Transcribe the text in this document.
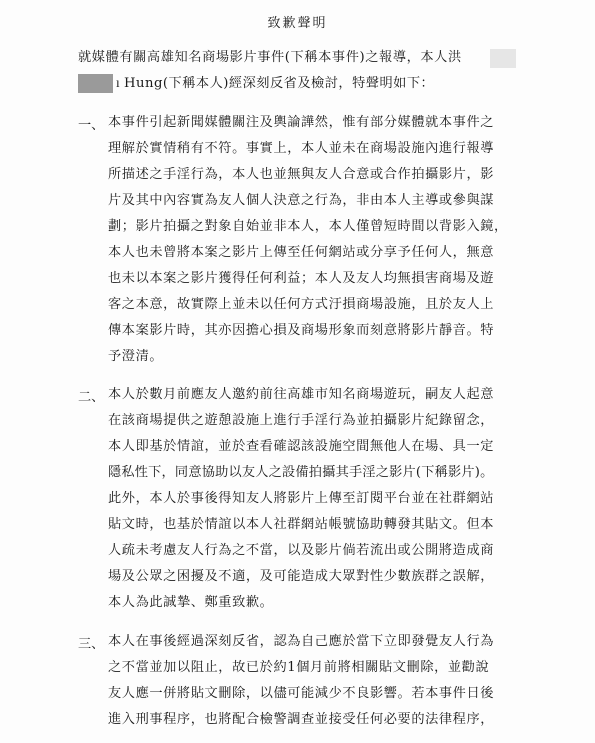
致歉聲明
就媒體有關高雄知名商場影片事件(下稱本事件)之報導，本人洪
ı Hung(下稱本人)經深刻反省及檢討，特聲明如下：
一、 本事件引起新聞媒體關注及輿論譁然，惟有部分媒體就本事件之
理解於實情稍有不符。事實上，本人並未在商場設施內進行報導
所描述之手淫行為，本人也並無與友人合意或合作拍攝影片，影
片及其中內容實為友人個人決意之行為，非由本人主導或參與謀
劃；影片拍攝之對象自始並非本人，本人僅曾短時間以背影入鏡，
本人也未曾將本案之影片上傳至任何網站或分享予任何人，無意
也未以本案之影片獲得任何利益；本人及友人均無損害商場及遊
客之本意，故實際上並未以任何方式汙損商場設施，且於友人上
傳本案影片時，其亦因擔心損及商場形象而刻意將影片靜音。特
予澄清。
二、 本人於數月前應友人邀約前往高雄市知名商場遊玩，嗣友人起意
在該商場提供之遊憩設施上進行手淫行為並拍攝影片紀錄留念，
本人即基於情誼，並於查看確認該設施空間無他人在場、具一定
隱私性下，同意協助以友人之設備拍攝其手淫之影片(下稱影片)。
此外，本人於事後得知友人將影片上傳至訂閱平台並在社群網站
貼文時，也基於情誼以本人社群網站帳號協助轉發其貼文。但本
人疏未考慮友人行為之不當，以及影片倘若流出或公開將造成商
場及公眾之困擾及不適，及可能造成大眾對性少數族群之誤解，
本人為此誠摯、鄭重致歉。
三、 本人在事後經過深刻反省，認為自己應於當下立即發覺友人行為
之不當並加以阻止，故已於約1個月前將相關貼文刪除，並勸說
友人應一併將貼文刪除，以儘可能減少不良影響。若本事件日後
進入刑事程序，也將配合檢警調查並接受任何必要的法律程序，
